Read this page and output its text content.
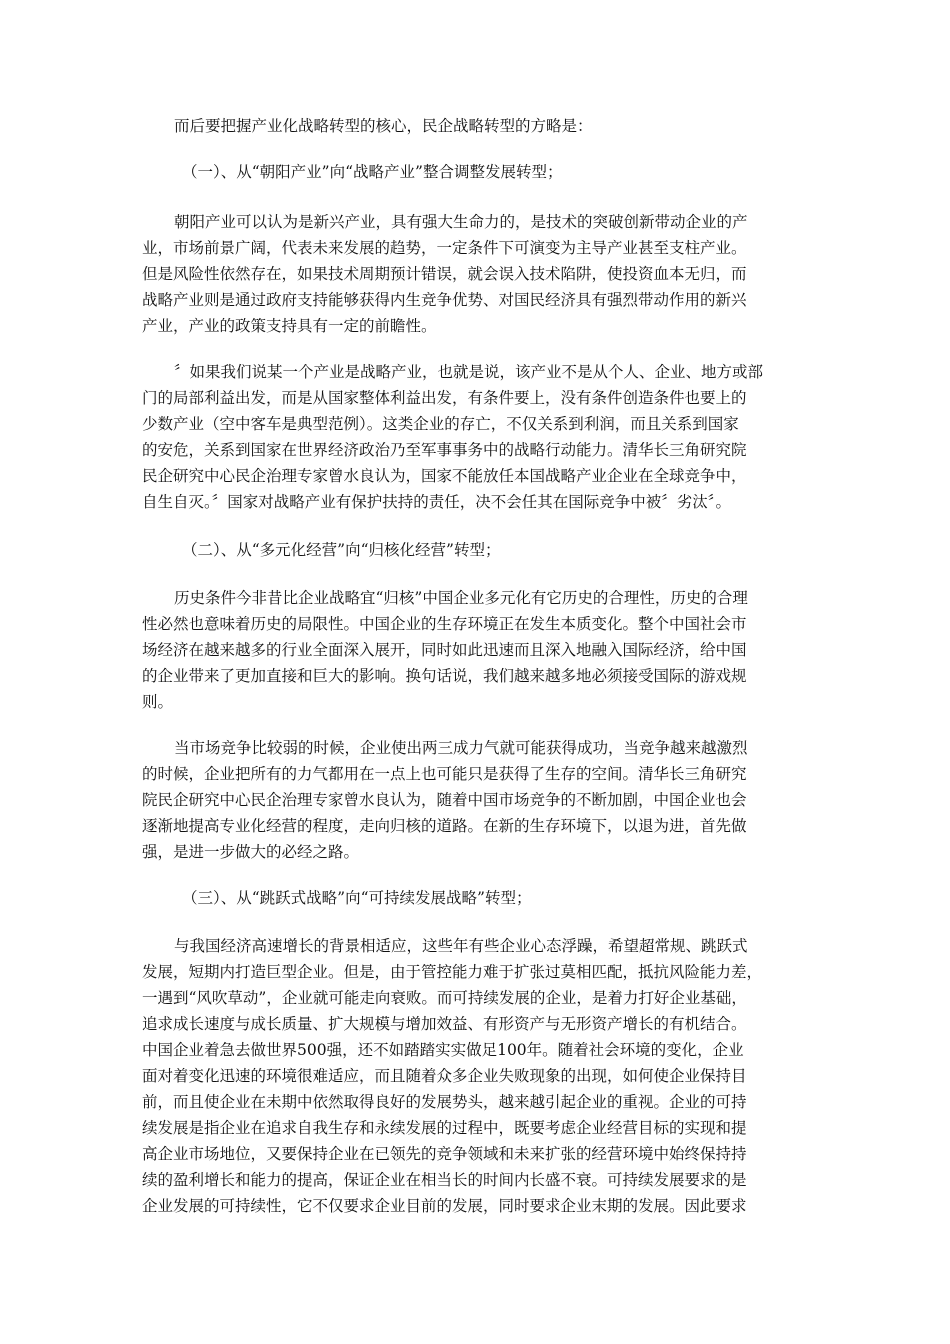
而后要把握产业化战略转型的核心，民企战略转型的方略是：
（一）、从“朝阳产业”向“战略产业”整合调整发展转型；
朝阳产业可以认为是新兴产业，具有强大生命力的，是技术的突破创新带动企业的产
业，市场前景广阔，代表未来发展的趋势，一定条件下可演变为主导产业甚至支柱产业。
但是风险性依然存在，如果技术周期预计错误，就会误入技术陷阱，使投资血本无归，而
战略产业则是通过政府支持能够获得内生竞争优势、对国民经济具有强烈带动作用的新兴
产业，产业的政策支持具有一定的前瞻性。
〞如果我们说某一个产业是战略产业，也就是说，该产业不是从个人、企业、地方或部
门的局部利益出发，而是从国家整体利益出发，有条件要上，没有条件创造条件也要上的
少数产业（空中客车是典型范例）。这类企业的存亡，不仅关系到利润，而且关系到国家
的安危，关系到国家在世界经济政治乃至军事事务中的战略行动能力。清华长三角研究院
民企研究中心民企治理专家曾水良认为，国家不能放任本国战略产业企业在全球竞争中，
自生自灭。〞国家对战略产业有保护扶持的责任，决不会任其在国际竞争中被〞劣汰〞。
（二）、从“多元化经营”向“归核化经营”转型；
历史条件今非昔比企业战略宜“归核”中国企业多元化有它历史的合理性，历史的合理
性必然也意味着历史的局限性。中国企业的生存环境正在发生本质变化。整个中国社会市
场经济在越来越多的行业全面深入展开，同时如此迅速而且深入地融入国际经济，给中国
的企业带来了更加直接和巨大的影响。换句话说，我们越来越多地必须接受国际的游戏规
则。
当市场竞争比较弱的时候，企业使出两三成力气就可能获得成功，当竞争越来越激烈
的时候，企业把所有的力气都用在一点上也可能只是获得了生存的空间。清华长三角研究
院民企研究中心民企治理专家曾水良认为，随着中国市场竞争的不断加剧，中国企业也会
逐渐地提高专业化经营的程度，走向归核的道路。在新的生存环境下，以退为进，首先做
强，是进一步做大的必经之路。
（三）、从“跳跃式战略”向“可持续发展战略”转型；
与我国经济高速增长的背景相适应，这些年有些企业心态浮躁，希望超常规、跳跃式
发展，短期内打造巨型企业。但是，由于管控能力难于扩张过莫相匹配，抵抗风险能力差，
一遇到“风吹草动”，企业就可能走向衰败。而可持续发展的企业，是着力打好企业基础，
追求成长速度与成长质量、扩大规模与增加效益、有形资产与无形资产增长的有机结合。
中国企业着急去做世界500强，还不如踏踏实实做足100年。随着社会环境的变化，企业
面对着变化迅速的环境很难适应，而且随着众多企业失败现象的出现，如何使企业保持目
前，而且使企业在未期中依然取得良好的发展势头，越来越引起企业的重视。企业的可持
续发展是指企业在追求自我生存和永续发展的过程中，既要考虑企业经营目标的实现和提
高企业市场地位，又要保持企业在已领先的竞争领域和未来扩张的经营环境中始终保持持
续的盈利增长和能力的提高，保证企业在相当长的时间内长盛不衰。可持续发展要求的是
企业发展的可持续性，它不仅要求企业目前的发展，同时要求企业末期的发展。因此要求
